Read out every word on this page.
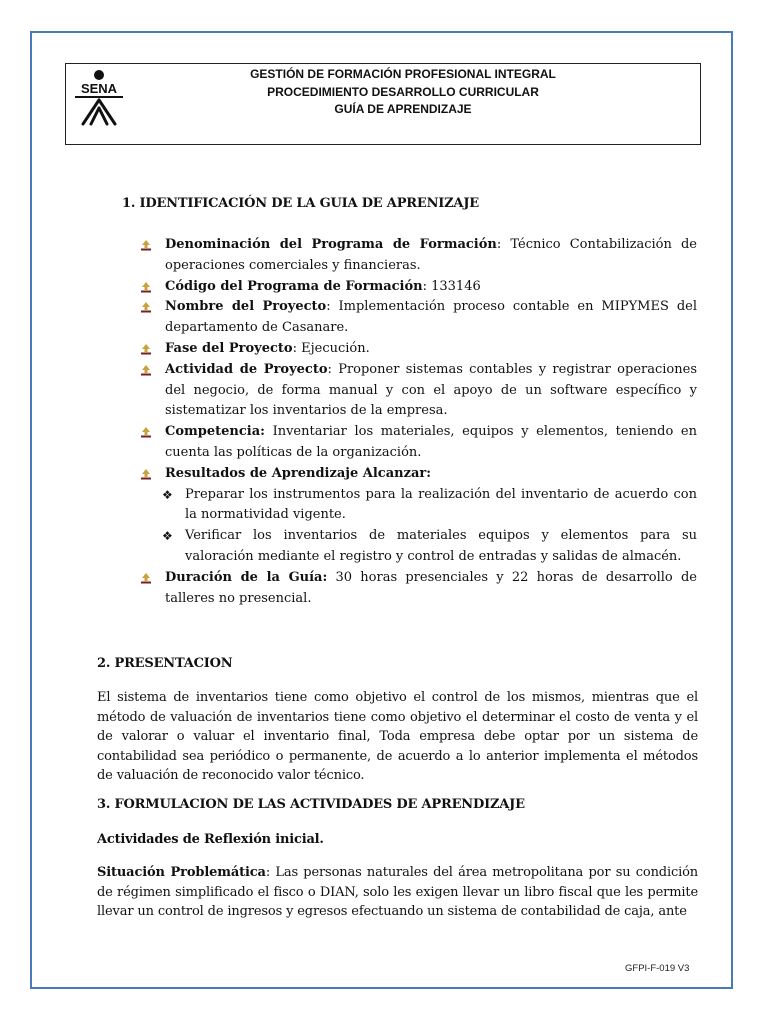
SENA
GESTIÓN DE FORMACIÓN PROFESIONAL INTEGRAL
PROCEDIMIENTO DESARROLLO CURRICULAR
GUÍA DE APRENDIZAJE
1. IDENTIFICACIÓN DE LA GUIA DE APRENIZAJE
Denominación del Programa de Formación: Técnico Contabilización de operaciones comerciales y financieras.
Código del Programa de Formación: 133146
Nombre del Proyecto: Implementación proceso contable en MIPYMES del departamento de Casanare.
Fase del Proyecto: Ejecución.
Actividad de Proyecto: Proponer sistemas contables y registrar operaciones del negocio, de forma manual y con el apoyo de un software específico y sistematizar los inventarios de la empresa.
Competencia: Inventariar los materiales, equipos y elementos, teniendo en cuenta las políticas de la organización.
Resultados de Aprendizaje Alcanzar:
❖ Preparar los instrumentos para la realización del inventario de acuerdo con la normatividad vigente.
❖ Verificar los inventarios de materiales equipos y elementos para su valoración mediante el registro y control de entradas y salidas de almacén.
Duración de la Guía: 30 horas presenciales y 22 horas de desarrollo de talleres no presencial.
2. PRESENTACION
El sistema de inventarios tiene como objetivo el control de los mismos, mientras que el método de valuación de inventarios tiene como objetivo el determinar el costo de venta y el de valorar o valuar el inventario final, Toda empresa debe optar por un sistema de contabilidad sea periódico o permanente, de acuerdo a lo anterior implementa el métodos de valuación de reconocido valor técnico.
3. FORMULACION DE LAS ACTIVIDADES DE APRENDIZAJE
Actividades de Reflexión inicial.
Situación Problemática: Las personas naturales del área metropolitana por su condición de régimen simplificado el fisco o DIAN, solo les exigen llevar un libro fiscal que les permite llevar un control de ingresos y egresos efectuando un sistema de contabilidad de caja, ante
GFPI-F-019 V3
